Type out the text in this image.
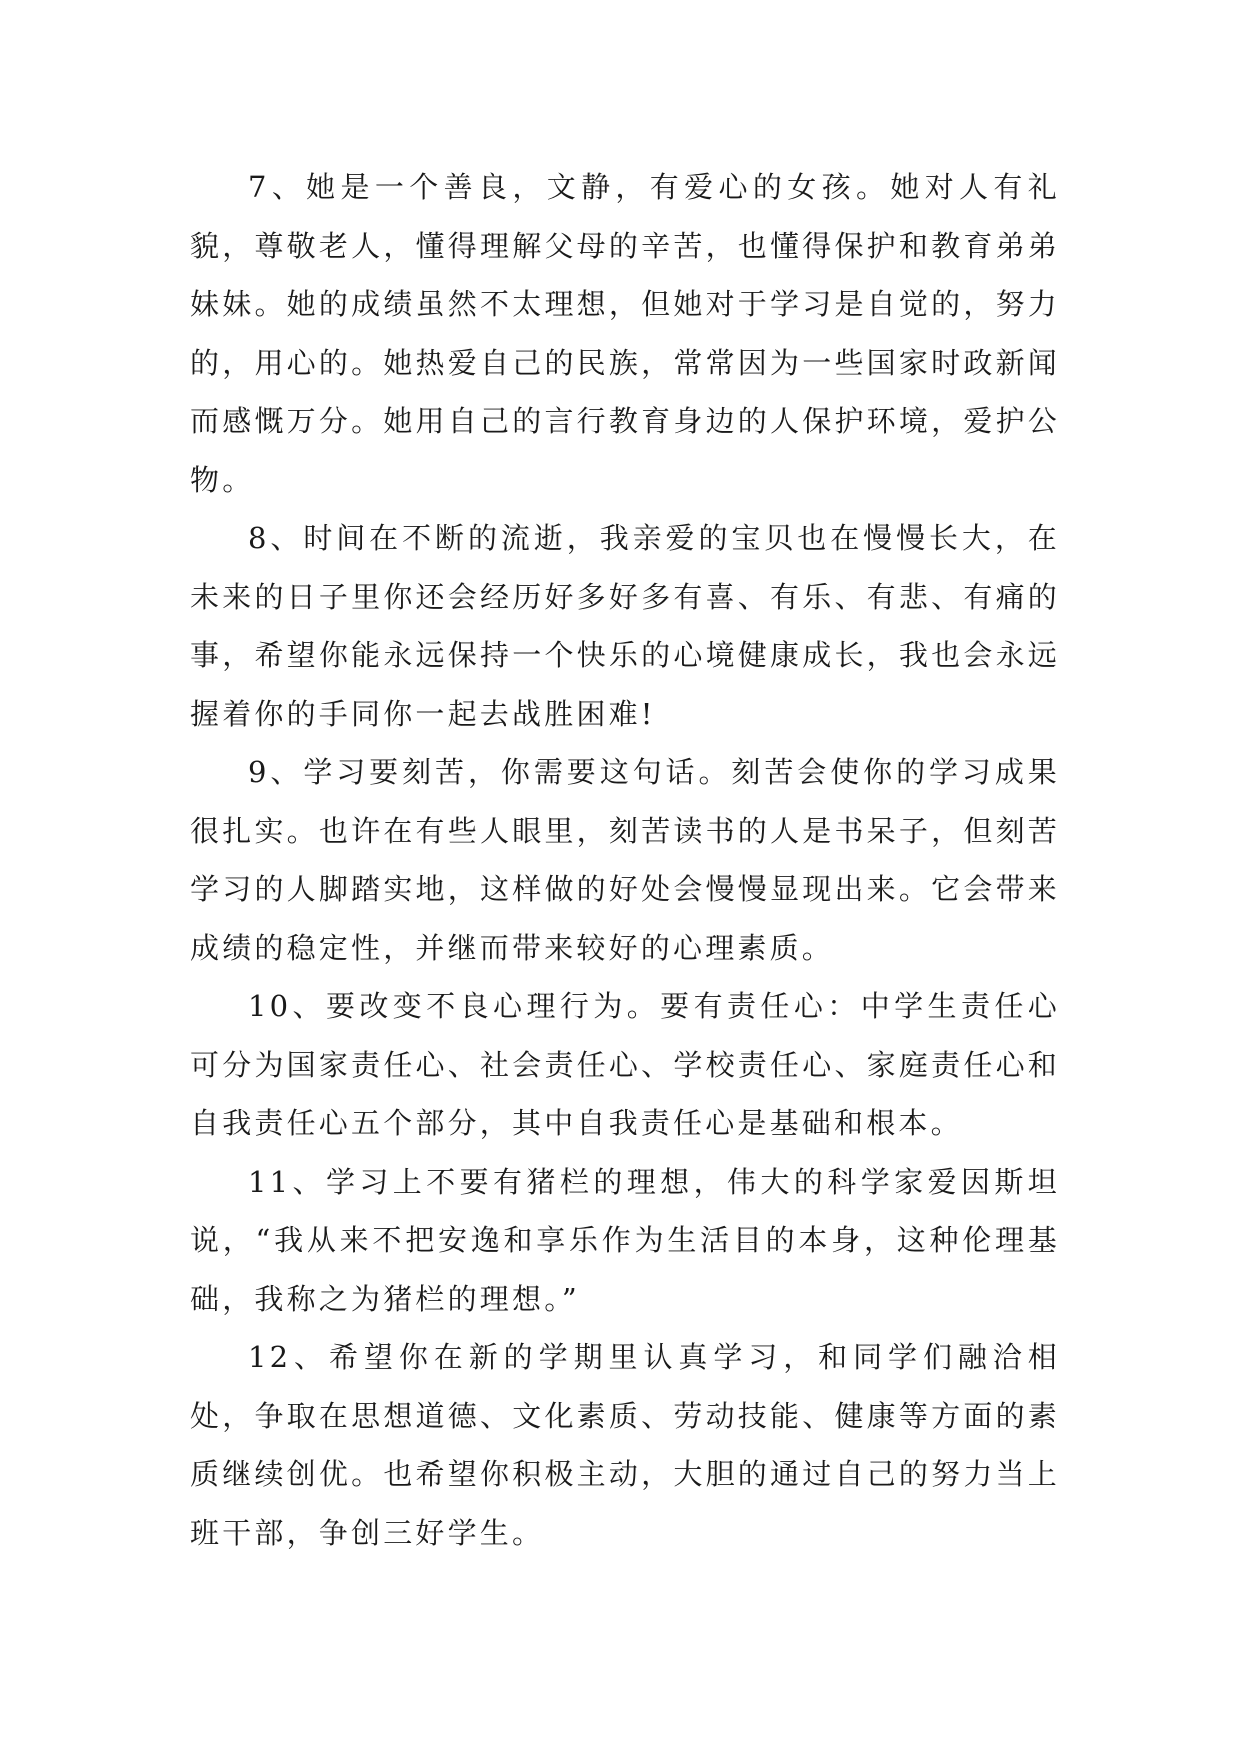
7、她是一个善良，文静，有爱心的女孩。她对人有礼貌，尊敬老人，懂得理解父母的辛苦，也懂得保护和教育弟弟妹妹。她的成绩虽然不太理想，但她对于学习是自觉的，努力的，用心的。她热爱自己的民族，常常因为一些国家时政新闻而感慨万分。她用自己的言行教育身边的人保护环境，爱护公物。

8、时间在不断的流逝，我亲爱的宝贝也在慢慢长大，在未来的日子里你还会经历好多好多有喜、有乐、有悲、有痛的事，希望你能永远保持一个快乐的心境健康成长，我也会永远握着你的手同你一起去战胜困难!

9、学习要刻苦，你需要这句话。刻苦会使你的学习成果很扎实。也许在有些人眼里，刻苦读书的人是书呆子，但刻苦学习的人脚踏实地，这样做的好处会慢慢显现出来。它会带来成绩的稳定性，并继而带来较好的心理素质。

10、要改变不良心理行为。要有责任心：中学生责任心可分为国家责任心、社会责任心、学校责任心、家庭责任心和自我责任心五个部分，其中自我责任心是基础和根本。

11、学习上不要有猪栏的理想，伟大的科学家爱因斯坦说，“我从来不把安逸和享乐作为生活目的本身，这种伦理基础，我称之为猪栏的理想。”

12、希望你在新的学期里认真学习，和同学们融洽相处，争取在思想道德、文化素质、劳动技能、健康等方面的素质继续创优。也希望你积极主动，大胆的通过自己的努力当上班干部，争创三好学生。
